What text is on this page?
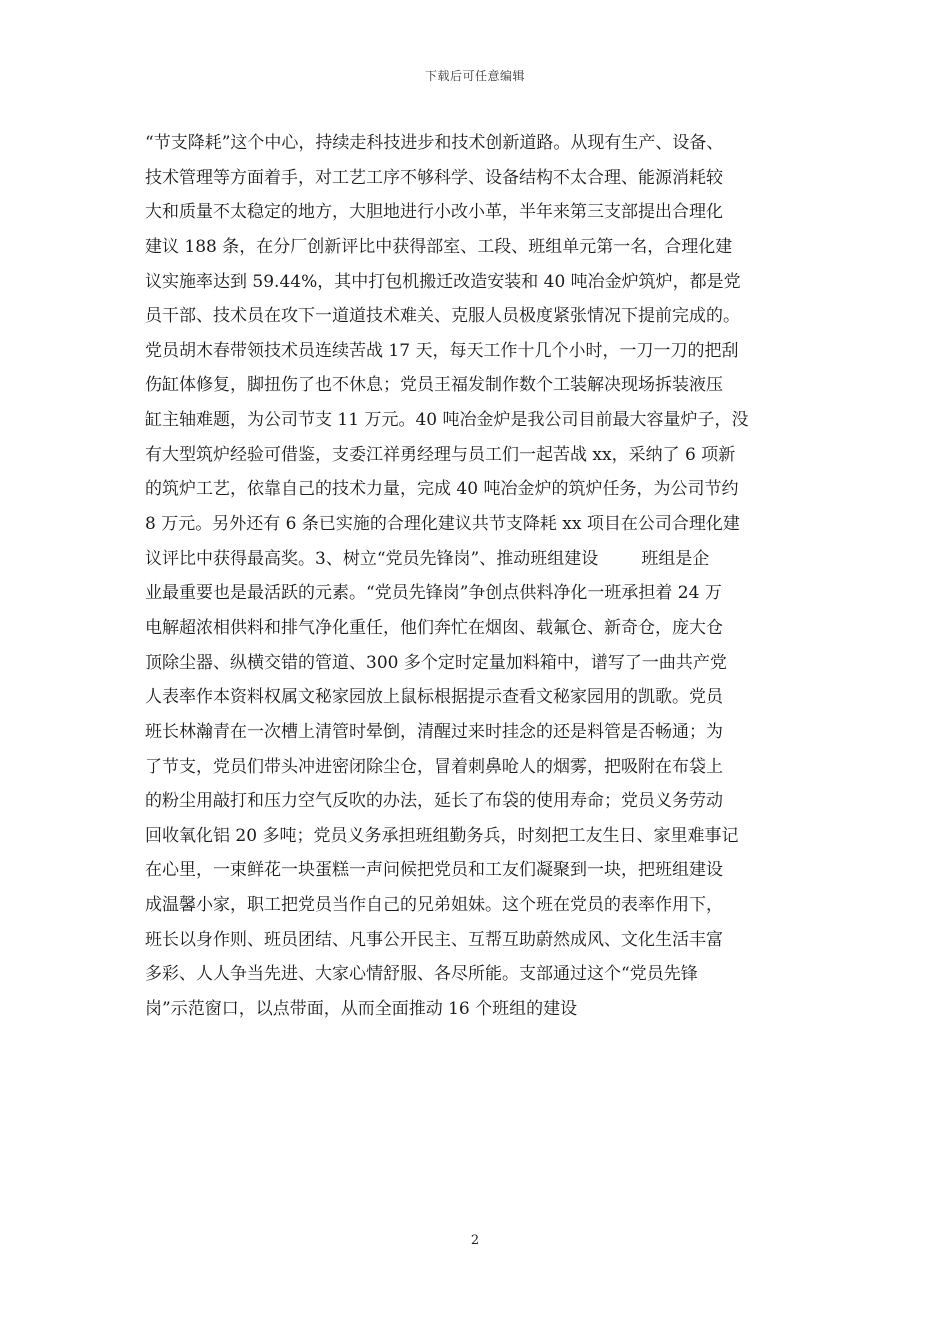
下载后可任意编辑
“节支降耗”这个中心，持续走科技进步和技术创新道路。从现有生产、设备、
技术管理等方面着手，对工艺工序不够科学、设备结构不太合理、能源消耗较
大和质量不太稳定的地方，大胆地进行小改小革，半年来第三支部提出合理化
建议 188 条，在分厂创新评比中获得部室、工段、班组单元第一名，合理化建
议实施率达到 59.44%，其中打包机搬迁改造安装和 40 吨冶金炉筑炉，都是党
员干部、技术员在攻下一道道技术难关、克服人员极度紧张情况下提前完成的。
党员胡木春带领技术员连续苦战 17 天，每天工作十几个小时，一刀一刀的把刮
伤缸体修复，脚扭伤了也不休息；党员王福发制作数个工装解决现场拆装液压
缸主轴难题，为公司节支 11 万元。40 吨冶金炉是我公司目前最大容量炉子，没
有大型筑炉经验可借鉴，支委江祥勇经理与员工们一起苦战 xx，采纳了 6 项新
的筑炉工艺，依靠自己的技术力量，完成 40 吨冶金炉的筑炉任务，为公司节约
8 万元。另外还有 6 条已实施的合理化建议共节支降耗 xx 项目在公司合理化建
议评比中获得最高奖。3、树立“党员先锋岗”、推动班组建设        班组是企
业最重要也是最活跃的元素。“党员先锋岗”争创点供料净化一班承担着 24 万
电解超浓相供料和排气净化重任，他们奔忙在烟囱、载氟仓、新奇仓，庞大仓
顶除尘器、纵横交错的管道、300 多个定时定量加料箱中，谱写了一曲共产党
人表率作本资料权属文秘家园放上鼠标根据提示查看文秘家园用的凯歌。党员
班长林瀚青在一次槽上清管时晕倒，清醒过来时挂念的还是料管是否畅通；为
了节支，党员们带头冲进密闭除尘仓，冒着刺鼻呛人的烟雾，把吸附在布袋上
的粉尘用敲打和压力空气反吹的办法，延长了布袋的使用寿命；党员义务劳动
回收氧化铝 20 多吨；党员义务承担班组勤务兵，时刻把工友生日、家里难事记
在心里，一束鲜花一块蛋糕一声问候把党员和工友们凝聚到一块，把班组建设
成温馨小家，职工把党员当作自己的兄弟姐妹。这个班在党员的表率作用下，
班长以身作则、班员团结、凡事公开民主、互帮互助蔚然成风、文化生活丰富
多彩、人人争当先进、大家心情舒服、各尽所能。支部通过这个“党员先锋
岗”示范窗口，以点带面，从而全面推动 16 个班组的建设
2
